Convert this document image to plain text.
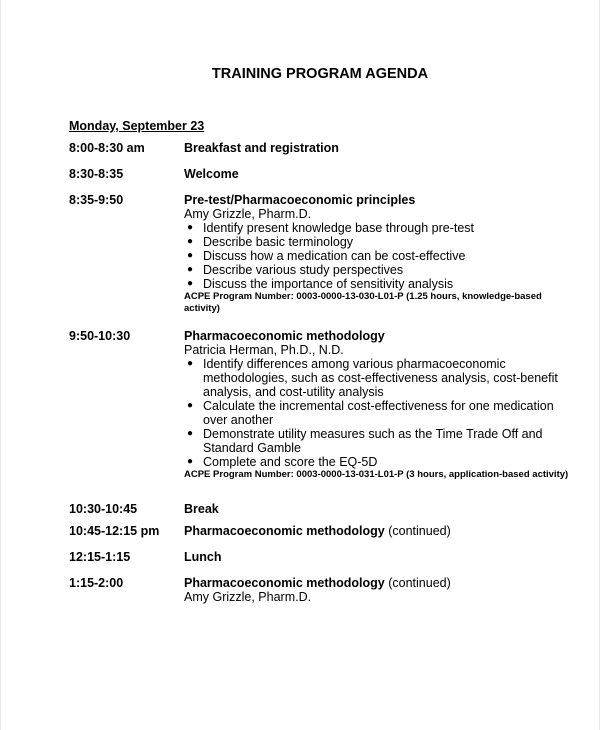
TRAINING PROGRAM AGENDA
Monday, September 23
8:00-8:30 am	Breakfast and registration
8:30-8:35	Welcome
8:35-9:50	Pre-test/Pharmacoeconomic principles
Amy Grizzle, Pharm.D.
● Identify present knowledge base through pre-test
● Describe basic terminology
● Discuss how a medication can be cost-effective
● Describe various study perspectives
● Discuss the importance of sensitivity analysis
ACPE Program Number: 0003-0000-13-030-L01-P (1.25 hours, knowledge-based activity)
9:50-10:30	Pharmacoeconomic methodology
Patricia Herman, Ph.D., N.D.
● Identify differences among various pharmacoeconomic methodologies, such as cost-effectiveness analysis, cost-benefit analysis, and cost-utility analysis
● Calculate the incremental cost-effectiveness for one medication over another
● Demonstrate utility measures such as the Time Trade Off and Standard Gamble
● Complete and score the EQ-5D
ACPE Program Number: 0003-0000-13-031-L01-P (3 hours, application-based activity)
10:30-10:45	Break
10:45-12:15 pm Pharmacoeconomic methodology (continued)
12:15-1:15	Lunch
1:15-2:00	Pharmacoeconomic methodology (continued)
Amy Grizzle, Pharm.D.
